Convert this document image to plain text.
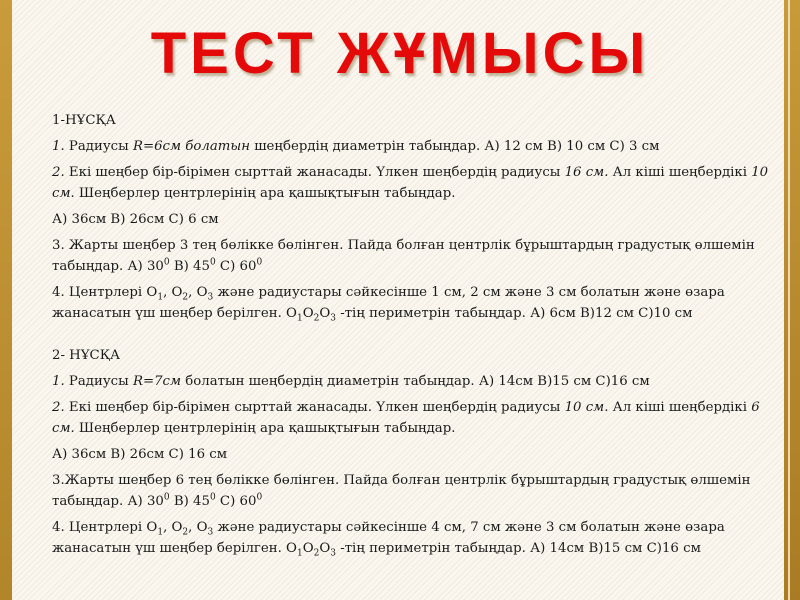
ТЕСТ ЖҰМЫСЫ

1-НҰСҚА

1. Радиусы R=6см болатын шеңбердің диаметрін табыңдар. А) 12 см В) 10 см С) 3 см

2. Екі шеңбер бір-бірімен сырттай жанасады. Үлкен шеңбердің радиусы 16 см. Ал кіші шеңбердікі 10 см. Шеңберлер центрлерінің ара қашықтығын табыңдар.

А) 36см В) 26см С) 6 см

3. Жарты шеңбер 3 тең бөлікке бөлінген. Пайда болған центрлік бұрыштардың градустық өлшемін табыңдар. А) $30^0$ В) $45^0$ С) $60^0$

4. Центрлері $О_1$, $О_2$, $О_3$ және радиустары сәйкесінше 1 см, 2 см және 3 см болатын және өзара жанасатын үш шеңбер берілген. $О_1О_2О_3$ -тің периметрін табыңдар. А) 6см В)12 см С)10 см

2- НҰСҚА

1. Радиусы R=7см болатын шеңбердің диаметрін табыңдар. А) 14см В)15 см С)16 см

2. Екі шеңбер бір-бірімен сырттай жанасады. Үлкен шеңбердің радиусы 10 см. Ал кіші шеңбердікі 6 см. Шеңберлер центрлерінің ара қашықтығын табыңдар.

А) 36см В) 26см С) 16 см

3.Жарты шеңбер 6 тең бөлікке бөлінген. Пайда болған центрлік бұрыштардың градустық өлшемін табыңдар. А) $30^0$ В) $45^0$ С) $60^0$

4. Центрлері $О_1$, $О_2$, $О_3$ және радиустары сәйкесінше 4 см, 7 см және 3 см болатын және өзара жанасатын үш шеңбер берілген. $О_1О_2О_3$ -тің периметрін табыңдар. А) 14см В)15 см С)16 см
